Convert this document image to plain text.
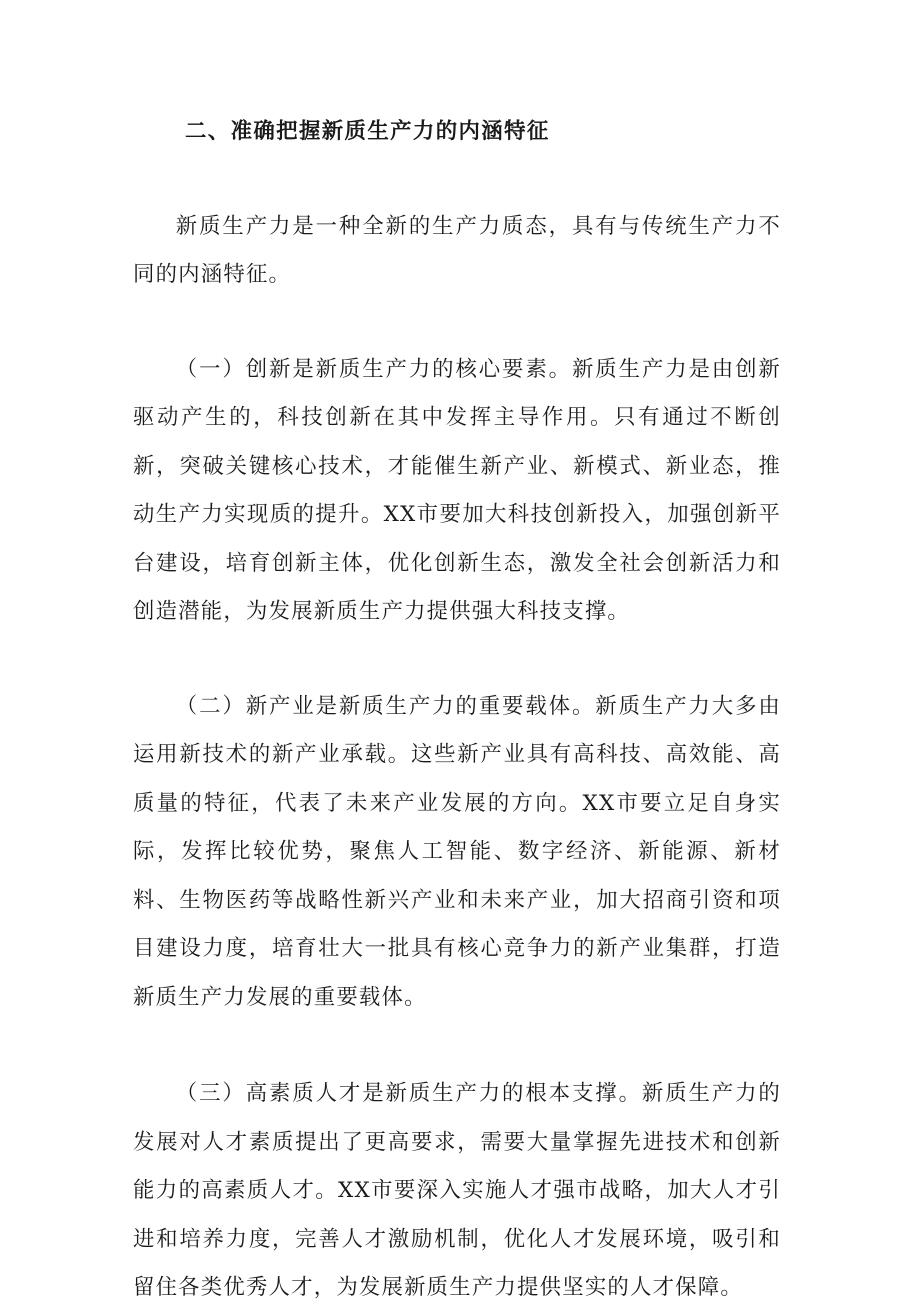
二、准确把握新质生产力的内涵特征

新质生产力是一种全新的生产力质态，具有与传统生产力不同的内涵特征。

（一）创新是新质生产力的核心要素。新质生产力是由创新驱动产生的，科技创新在其中发挥主导作用。只有通过不断创新，突破关键核心技术，才能催生新产业、新模式、新业态，推动生产力实现质的提升。XX市要加大科技创新投入，加强创新平台建设，培育创新主体，优化创新生态，激发全社会创新活力和创造潜能，为发展新质生产力提供强大科技支撑。

（二）新产业是新质生产力的重要载体。新质生产力大多由运用新技术的新产业承载。这些新产业具有高科技、高效能、高质量的特征，代表了未来产业发展的方向。XX市要立足自身实际，发挥比较优势，聚焦人工智能、数字经济、新能源、新材料、生物医药等战略性新兴产业和未来产业，加大招商引资和项目建设力度，培育壮大一批具有核心竞争力的新产业集群，打造新质生产力发展的重要载体。

（三）高素质人才是新质生产力的根本支撑。新质生产力的发展对人才素质提出了更高要求，需要大量掌握先进技术和创新能力的高素质人才。XX市要深入实施人才强市战略，加大人才引进和培养力度，完善人才激励机制，优化人才发展环境，吸引和留住各类优秀人才，为发展新质生产力提供坚实的人才保障。
